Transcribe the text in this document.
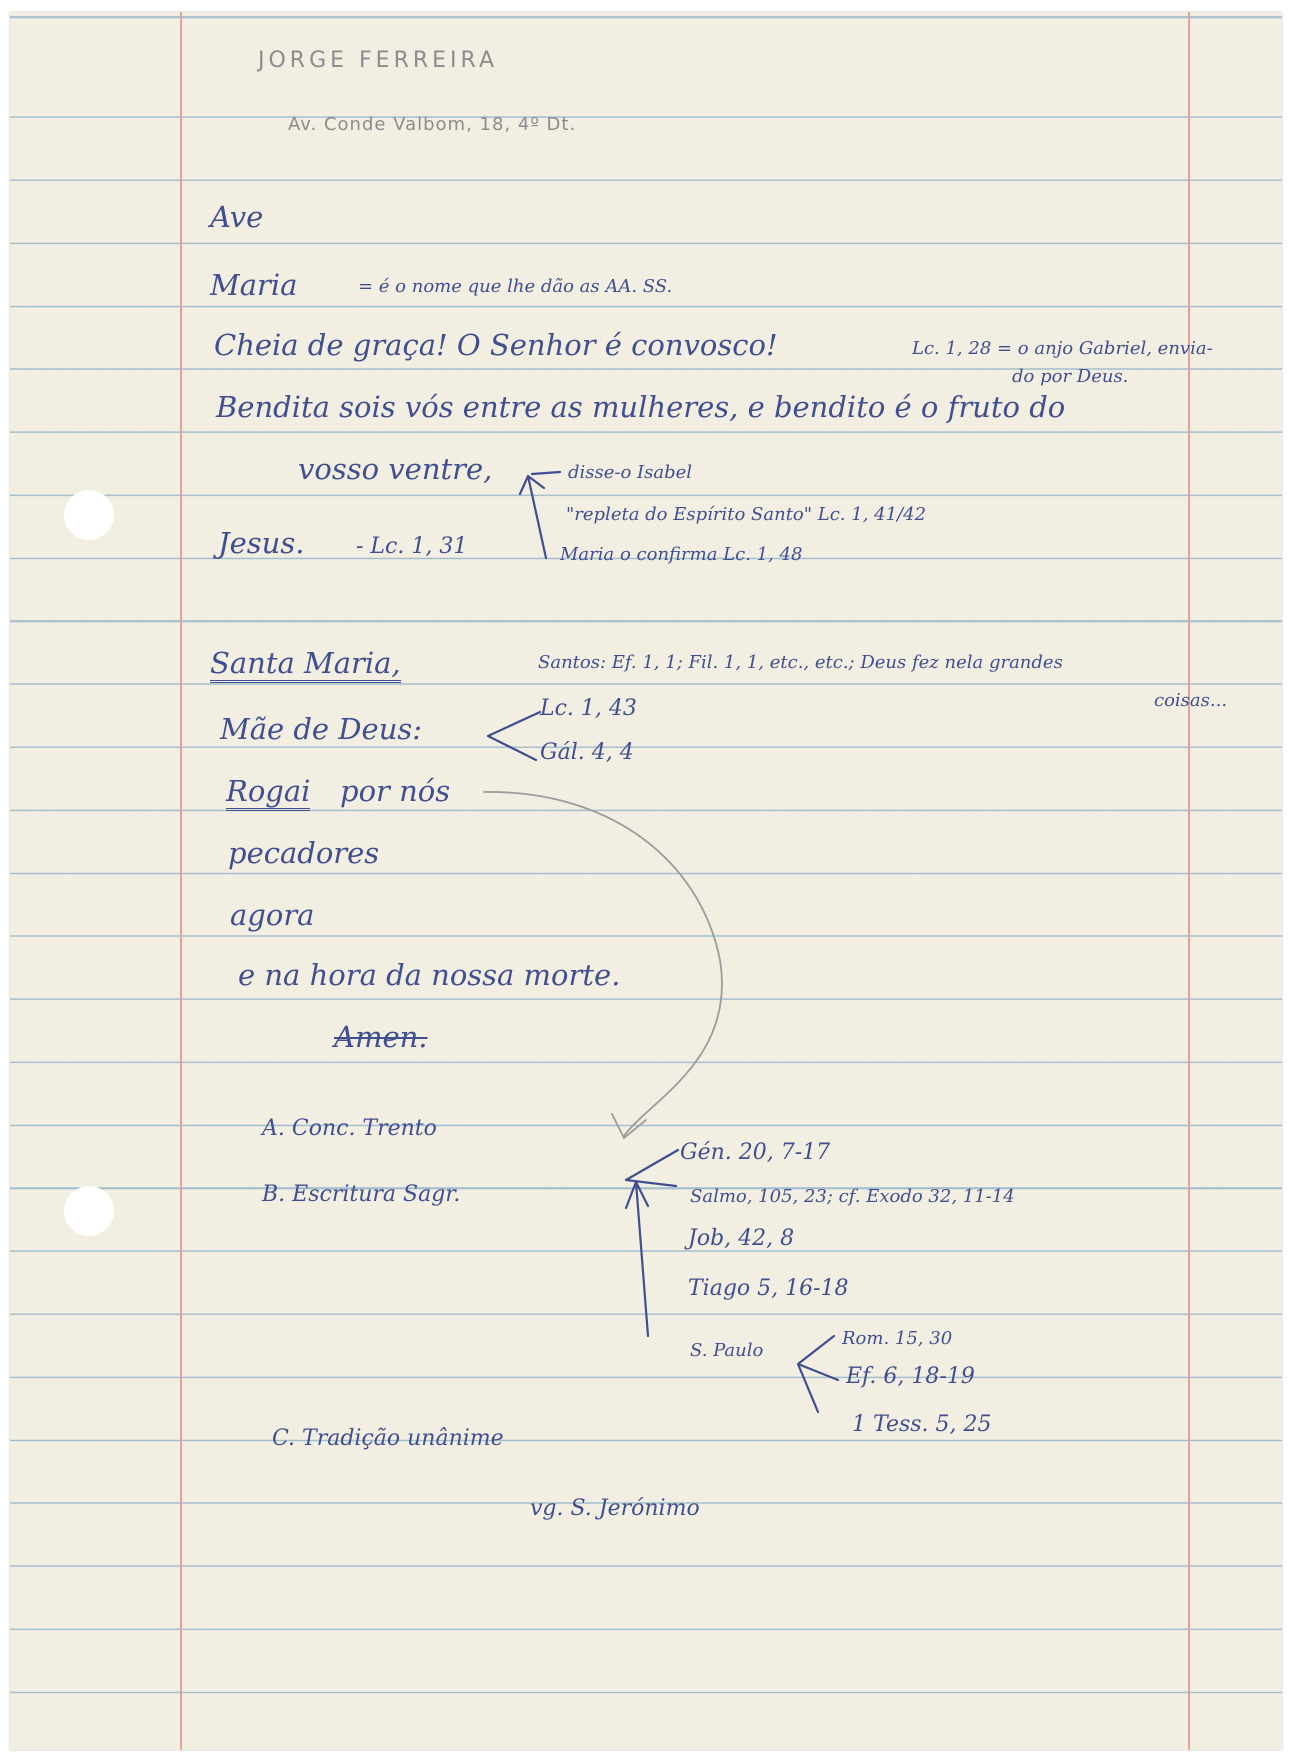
JORGE FERREIRA

Av. Conde Valbom, 18, 4º Dt.

Ave

Maria	= é o nome que lhe dão as AA. SS.

Cheia de graça! O Senhor é convosco!	Lc. 1, 28 = o anjo Gabriel, envia-

do por Deus.

Bendita sois vós entre as mulheres, e bendito é o fruto do

vosso ventre,	disse-o Isabel

"repleta do Espírito Santo" Lc. 1, 41/42

Maria o confirma Lc. 1, 48

Jesus. - Lc. 1, 31

Santa Maria,	Santos: Ef. 1, 1; Fil. 1, 1, etc., etc.; Deus fez nela grandes

coisas...

Mãe de Deus:

Lc. 1, 43

Gál. 4, 4

Rogai por nós

pecadores

agora

e na hora da nossa morte.

Amen.

A. Conc. Trento

B. Escritura Sagr.

Gén. 20, 7-17

Salmo, 105, 23; cf. Exodo 32, 11-14

Job, 42, 8

Tiago 5, 16-18

S. Paulo

Rom. 15, 30

Ef. 6, 18-19

1 Tess. 5, 25

C. Tradição unânime

vg. S. Jerónimo
